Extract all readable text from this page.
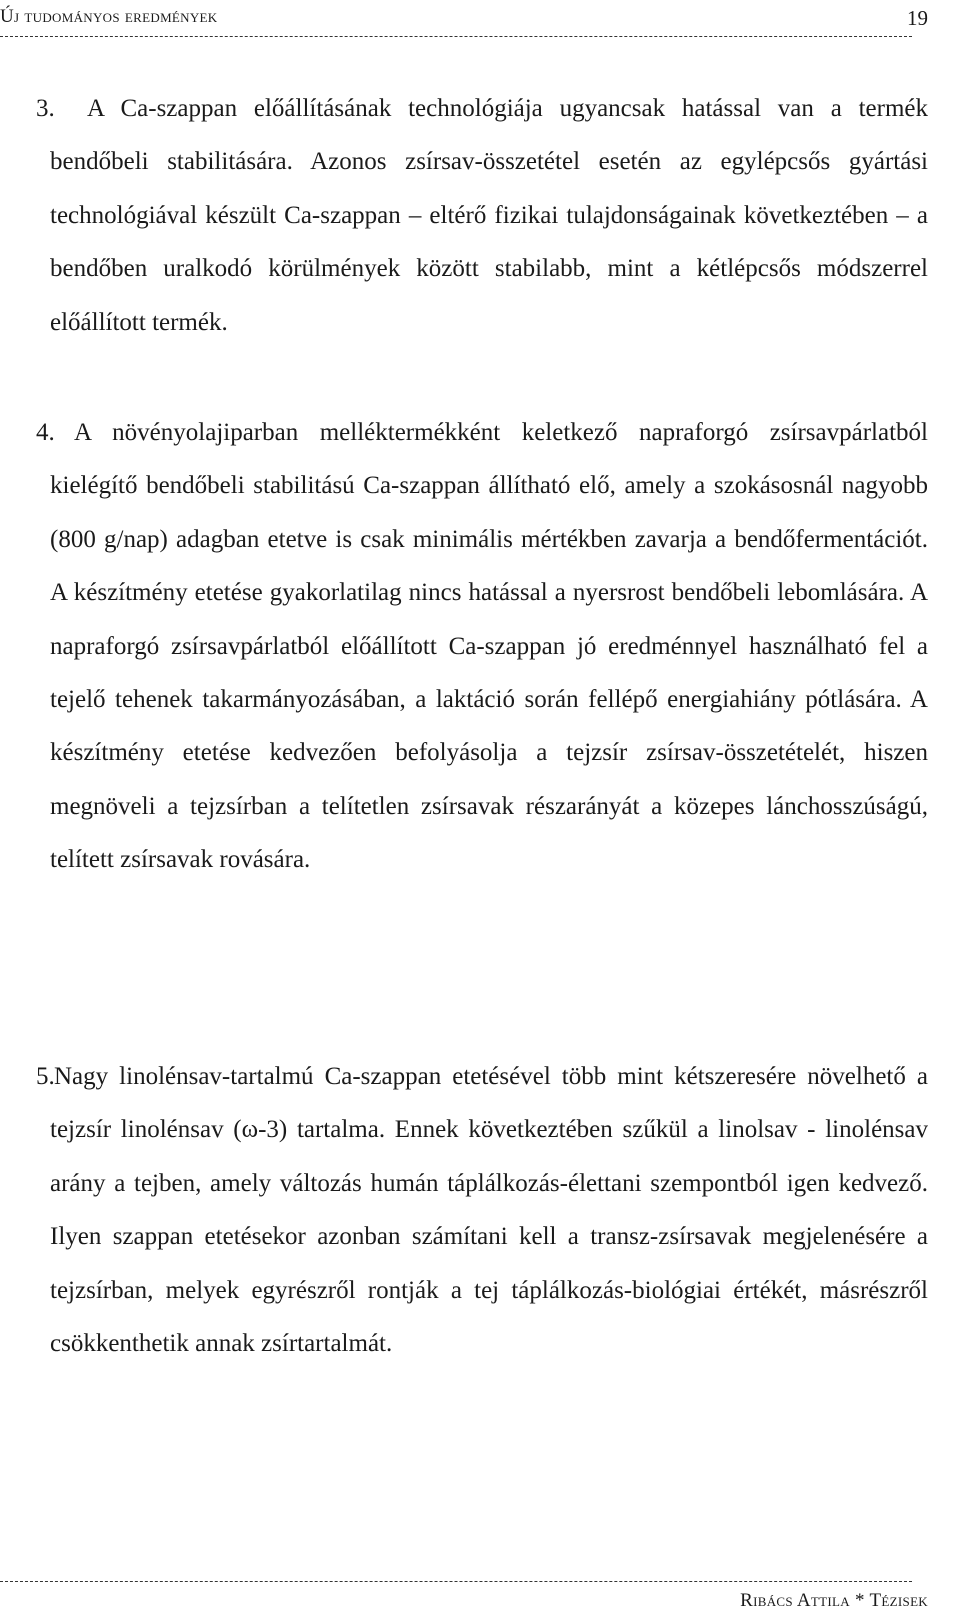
Új tudományos eredmények	19
3.	A Ca-szappan előállításának technológiája ugyancsak hatással van a termék bendőbeli stabilitására. Azonos zsírsav-összetétel esetén az egylépcsős gyártási technológiával készült Ca-szappan – eltérő fizikai tulajdonságainak következtében – a bendőben uralkodó körülmények között stabilabb, mint a kétlépcsős módszerrel előállított termék.

4. A növényolajiparban melléktermékként keletkező napraforgó zsírsavpárlatból kielégítő bendőbeli stabilitású Ca-szappan állítható elő, amely a szokásosnál nagyobb (800 g/nap) adagban etetve is csak minimális mértékben zavarja a bendőfermentációt. A készítmény etetése gyakorlatilag nincs hatással a nyersrost bendőbeli lebomlására. A napraforgó zsírsavpárlatból előállított Ca-szappan jó eredménnyel használható fel a tejelő tehenek takarmányozásában, a laktáció során fellépő energiahiány pótlására. A készítmény etetése kedvezően befolyásolja a tejzsír zsírsav-összetételét, hiszen megnöveli a tejzsírban a telítetlen zsírsavak részarányát a közepes lánchosszúságú, telített zsírsavak rovására.

5. Nagy linolénsav-tartalmú Ca-szappan etetésével több mint kétszeresére növelhető a tejzsír linolénsav (ω-3) tartalma. Ennek következtében szűkül a linolsav - linolénsav arány a tejben, amely változás humán táplálkozás-élettani szempontból igen kedvező. Ilyen szappan etetésekor azonban számítani kell a transz-zsírsavak megjelenésére a tejzsírban, melyek egyrészről rontják a tej táplálkozás-biológiai értékét, másrészről csökkenthetik annak zsírtartalmát.

Ribács Attila * Tézisek
